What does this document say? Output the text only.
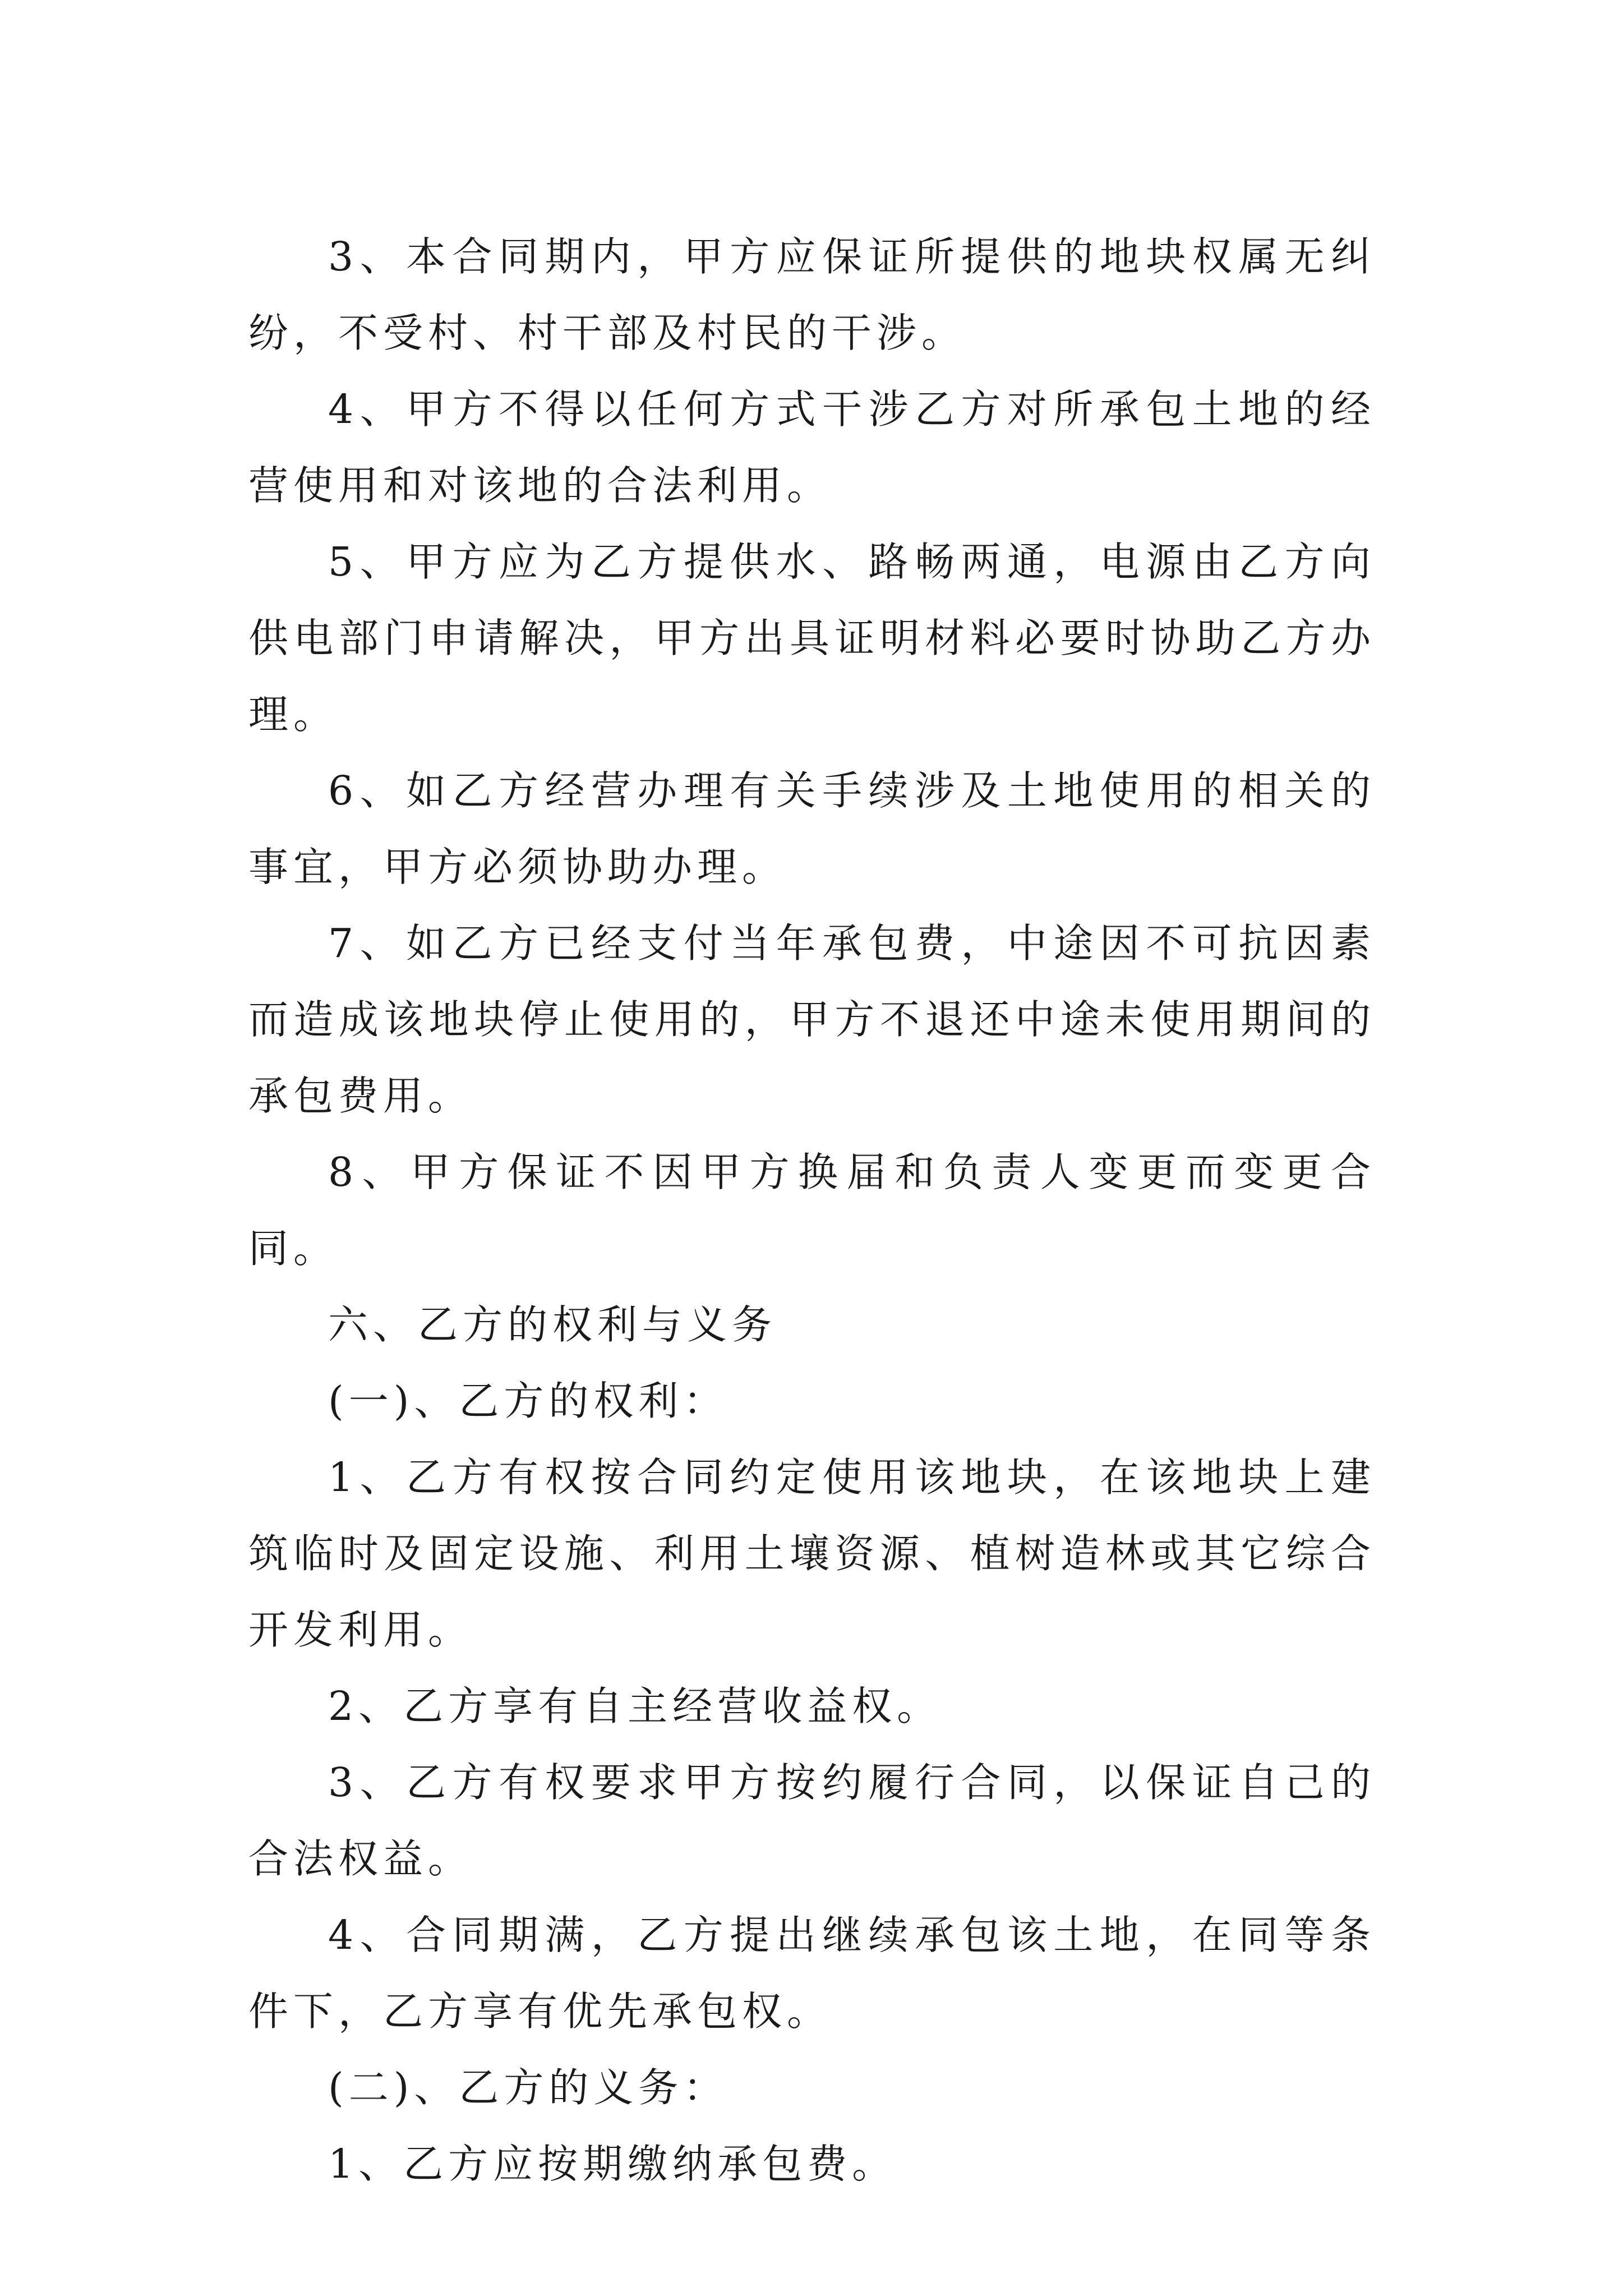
3、本合同期内，甲方应保证所提供的地块权属无纠纷，不受村、村干部及村民的干涉。

4、甲方不得以任何方式干涉乙方对所承包土地的经营使用和对该地的合法利用。

5、甲方应为乙方提供水、路畅两通，电源由乙方向供电部门申请解决，甲方出具证明材料必要时协助乙方办理。

6、如乙方经营办理有关手续涉及土地使用的相关的事宜，甲方必须协助办理。

7、如乙方已经支付当年承包费，中途因不可抗因素而造成该地块停止使用的，甲方不退还中途未使用期间的承包费用。

8、甲方保证不因甲方换届和负责人变更而变更合同。

六、乙方的权利与义务

(一)、乙方的权利：

1、乙方有权按合同约定使用该地块，在该地块上建筑临时及固定设施、利用土壤资源、植树造林或其它综合开发利用。

2、乙方享有自主经营收益权。

3、乙方有权要求甲方按约履行合同，以保证自己的合法权益。

4、合同期满，乙方提出继续承包该土地，在同等条件下，乙方享有优先承包权。

(二)、乙方的义务：

1、乙方应按期缴纳承包费。
